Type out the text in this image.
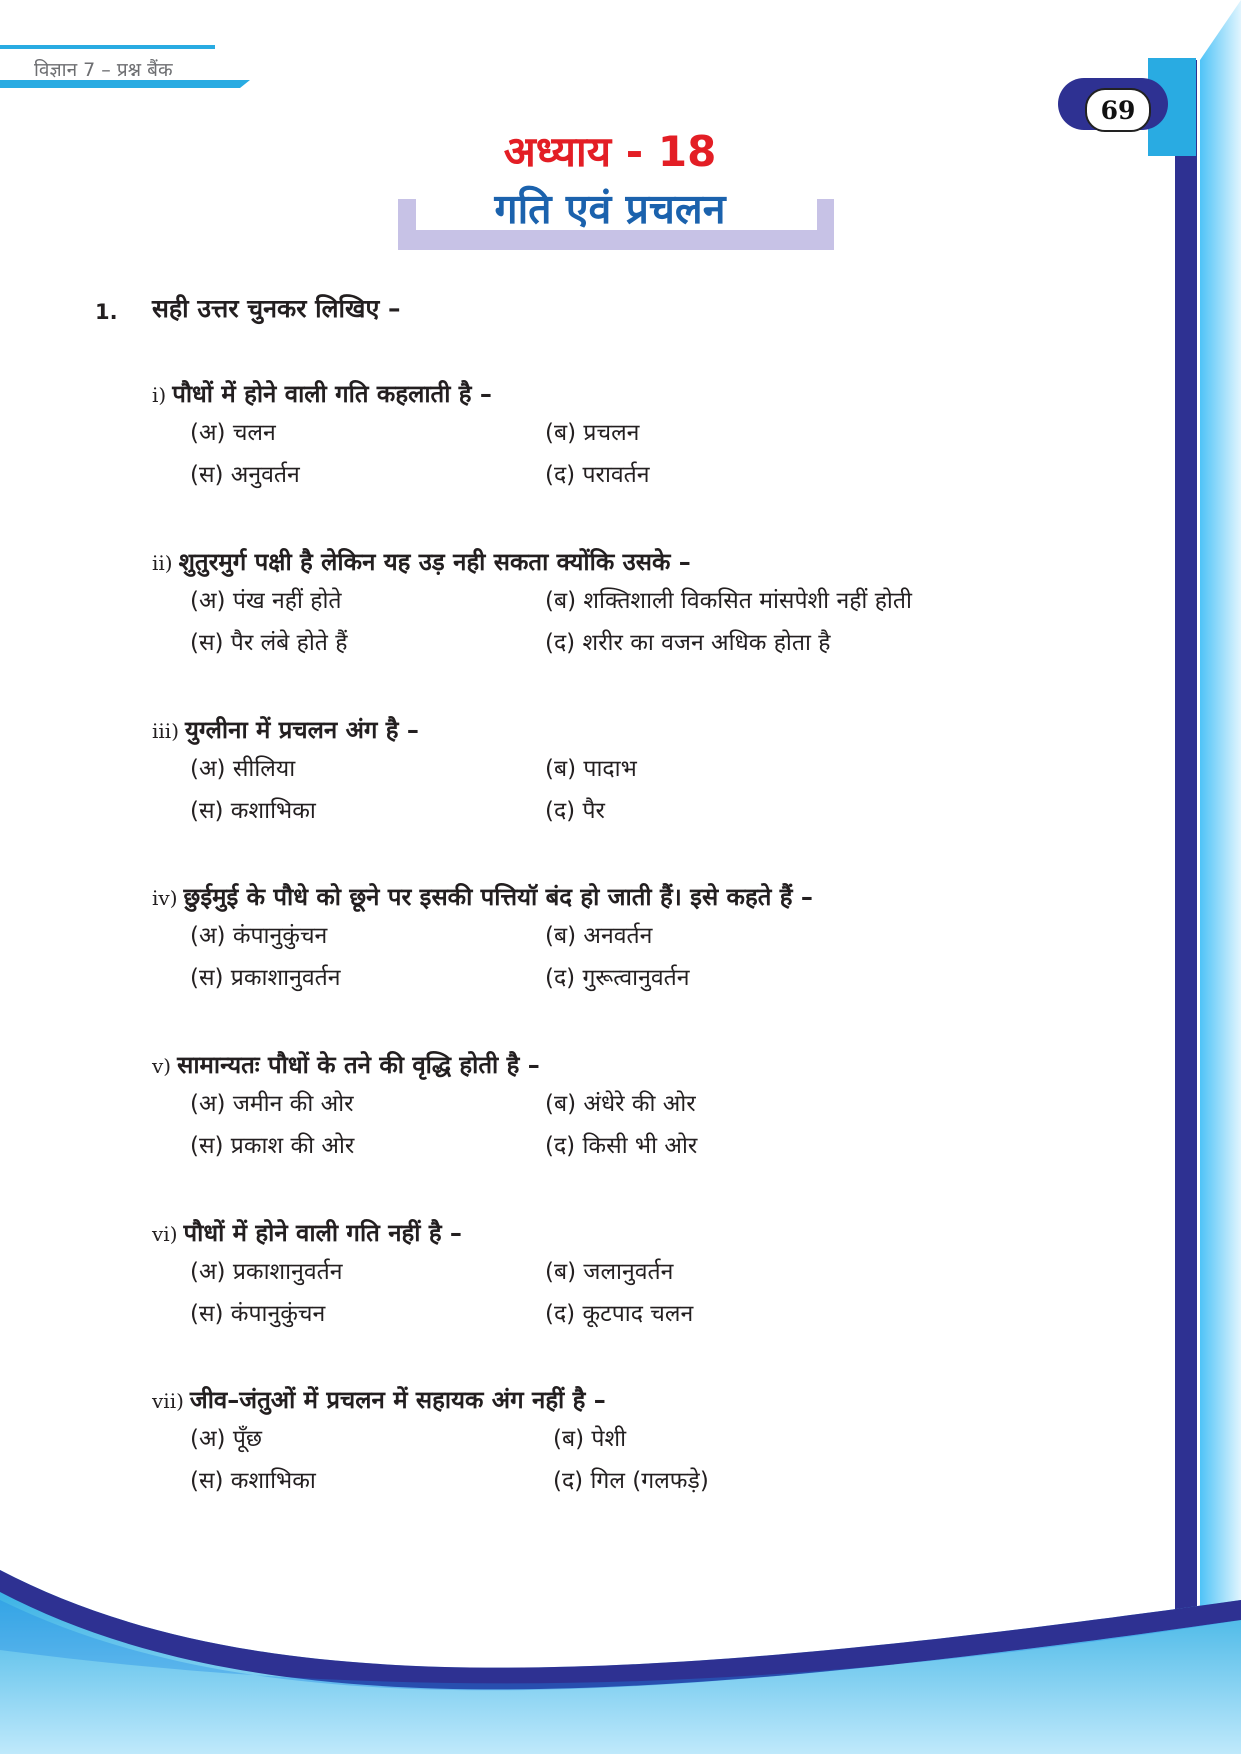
विज्ञान 7 – प्रश्न बैंक
69
अध्याय - 18
गति एवं प्रचलन
1. सही उत्तर चुनकर लिखिए –
i) पौधों में होने वाली गति कहलाती है –
(अ) चलन	(ब) प्रचलन
(स) अनुवर्तन	(द) परावर्तन
ii) शुतुरमुर्ग पक्षी है लेकिन यह उड़ नही सकता क्योंकि उसके –
(अ) पंख नहीं होते	(ब) शक्तिशाली विकसित मांसपेशी नहीं होती
(स) पैर लंबे होते हैं	(द) शरीर का वजन अधिक होता है
iii) युग्लीना में प्रचलन अंग है –
(अ) सीलिया	(ब) पादाभ
(स) कशाभिका	(द) पैर
iv) छुईमुई के पौधे को छूने पर इसकी पत्तियॉ बंद हो जाती हैं। इसे कहते हैं –
(अ) कंपानुकुंचन	(ब) अनवर्तन
(स) प्रकाशानुवर्तन	(द) गुरूत्वानुवर्तन
v) सामान्यतः पौधों के तने की वृद्धि होती है –
(अ) जमीन की ओर	(ब) अंधेरे की ओर
(स) प्रकाश की ओर	(द) किसी भी ओर
vi) पौधों में होने वाली गति नहीं है –
(अ) प्रकाशानुवर्तन	(ब) जलानुवर्तन
(स) कंपानुकुंचन	(द) कूटपाद चलन
vii) जीव–जंतुओं में प्रचलन में सहायक अंग नहीं है –
(अ) पूँछ	(ब) पेशी
(स) कशाभिका	(द) गिल (गलफड़े)
